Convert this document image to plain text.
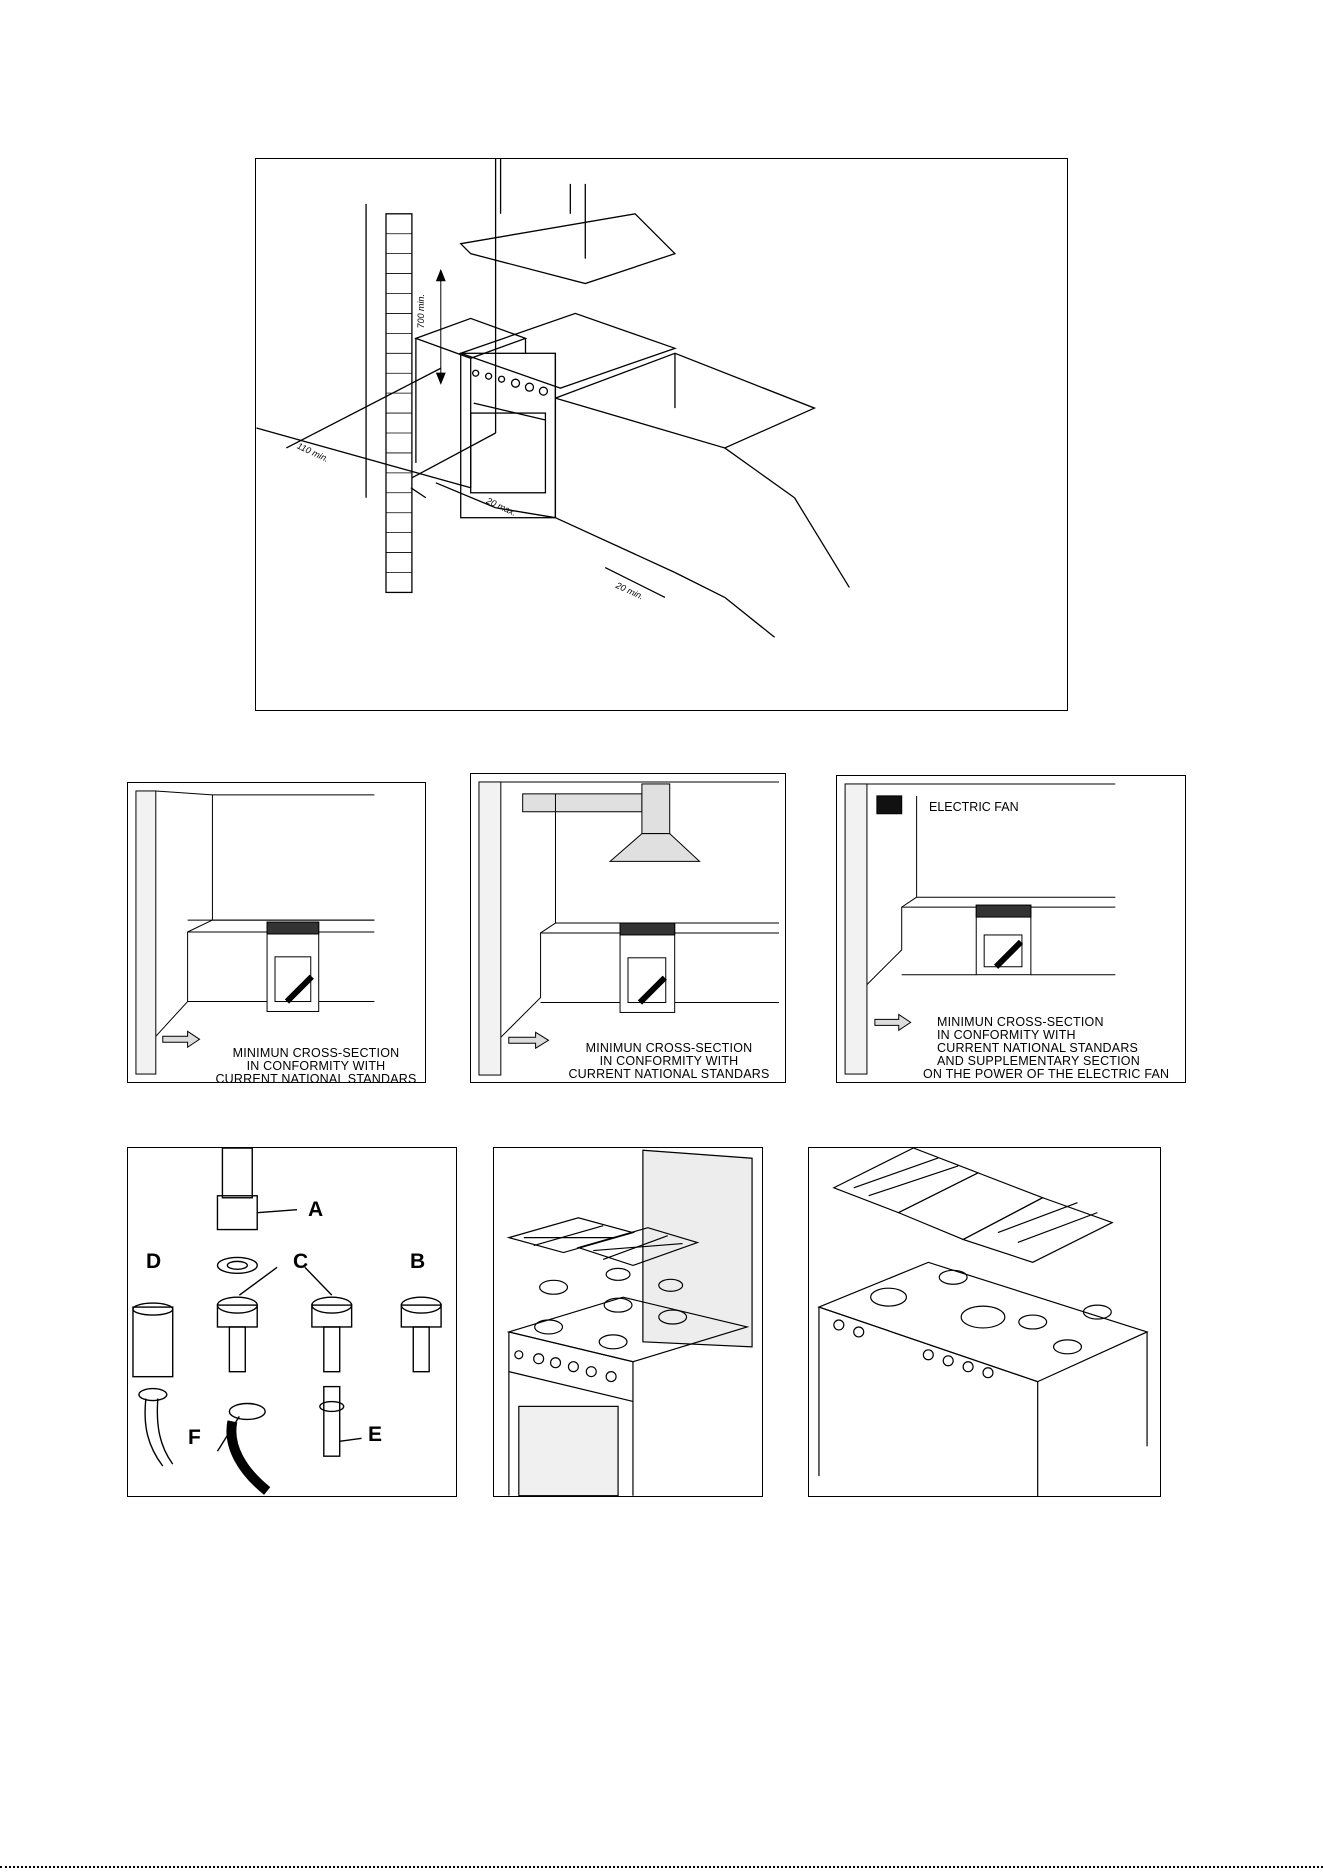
700 min.
110 min.
20 max.
20 min.
MINIMUN CROSS-SECTION
IN CONFORMITY WITH
CURRENT NATIONAL STANDARS
MINIMUN CROSS-SECTION
IN CONFORMITY WITH
CURRENT NATIONAL STANDARS
ELECTRIC FAN
MINIMUN CROSS-SECTION
IN CONFORMITY WITH
CURRENT NATIONAL STANDARS
AND SUPPLEMENTARY SECTION
ON THE POWER OF THE ELECTRIC FAN
A
D	C	B
F	E
